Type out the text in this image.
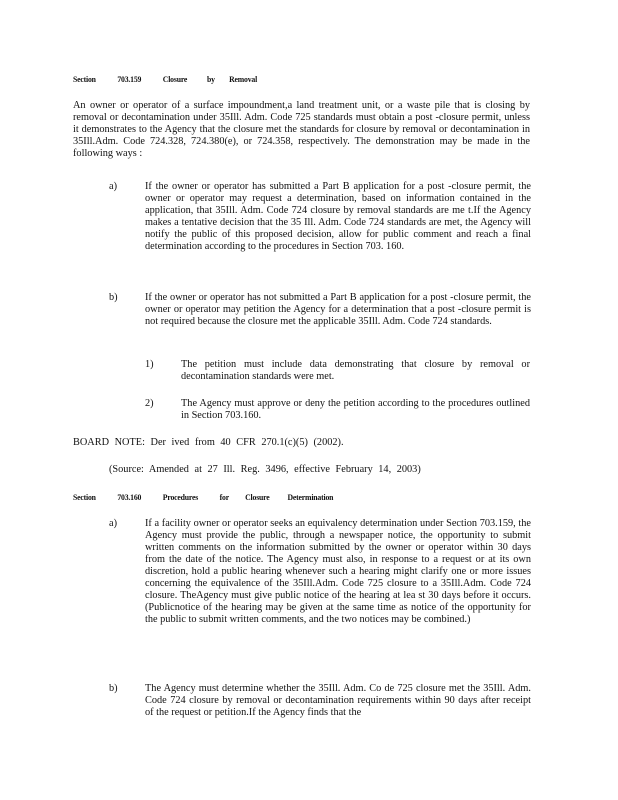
Section	703.159	Closure by Removal
An owner or operator of a surface impoundment,a land treatment unit, or a waste pile that is closing by removal or decontamination under 35Ill. Adm. Code 725 standards must obtain a post -closure permit, unless it demonstrates to the Agency that the closure met the standards for closure by removal or decontamination in 35Ill.Adm. Code 724.328, 724.380(e), or 724.358, respectively. The demonstration may be made in the following ways :
a)	If the owner or operator has submitted a Part B application for a post -closure permit, the owner or operator may request a determination, based on information contained in the application, that 35Ill. Adm. Code 724 closure by removal standards are me t.If the Agency makes a tentative decision that the 35 Ill. Adm. Code 724 standards are met, the Agency will notify the public of this proposed decision, allow for public comment and reach a final determination according to the procedures in Section 703. 160.
b)	If the owner or operator has not submitted a Part B application for a post -closure permit, the owner or operator may petition the Agency for a determination that a post -closure permit is not required because the closure met the applicable 35Ill. Adm. Code 724 standards.
1)	The petition must include data demonstrating that closure by removal or decontamination standards were met.
2)	The Agency must approve or deny the petition according to the procedures outlined in Section 703.160.
BOARD NOTE: Der ived from 40 CFR 270.1(c)(5) (2002).
(Source: Amended at 27 Ill. Reg. 3496, effective February 14, 2003)
Section	703.160	Procedures	for Closure Determination
a)	If a facility owner or operator seeks an equivalency determination under Section 703.159, the Agency must provide the public, through a newspaper notice, the opportunity to submit written comments on the information submitted by the owner or operator within 30 days from the date of the notice. The Agency must also, in response to a request or at its own discretion, hold a public hearing whenever such a hearing might clarify one or more issues concerning the equivalence of the 35Ill.Adm. Code 725 closure to a 35Ill.Adm. Code 724 closure. TheAgency must give public notice of the hearing at lea st 30 days before it occurs. (Publicnotice of the hearing may be given at the same time as notice of the opportunity for the public to submit written comments, and the two notices may be combined.)
b)	The Agency must determine whether the 35Ill. Adm. Co de 725 closure met the 35Ill. Adm. Code 724 closure by removal or decontamination requirements within 90 days after receipt of the request or petition.If the Agency finds that the
